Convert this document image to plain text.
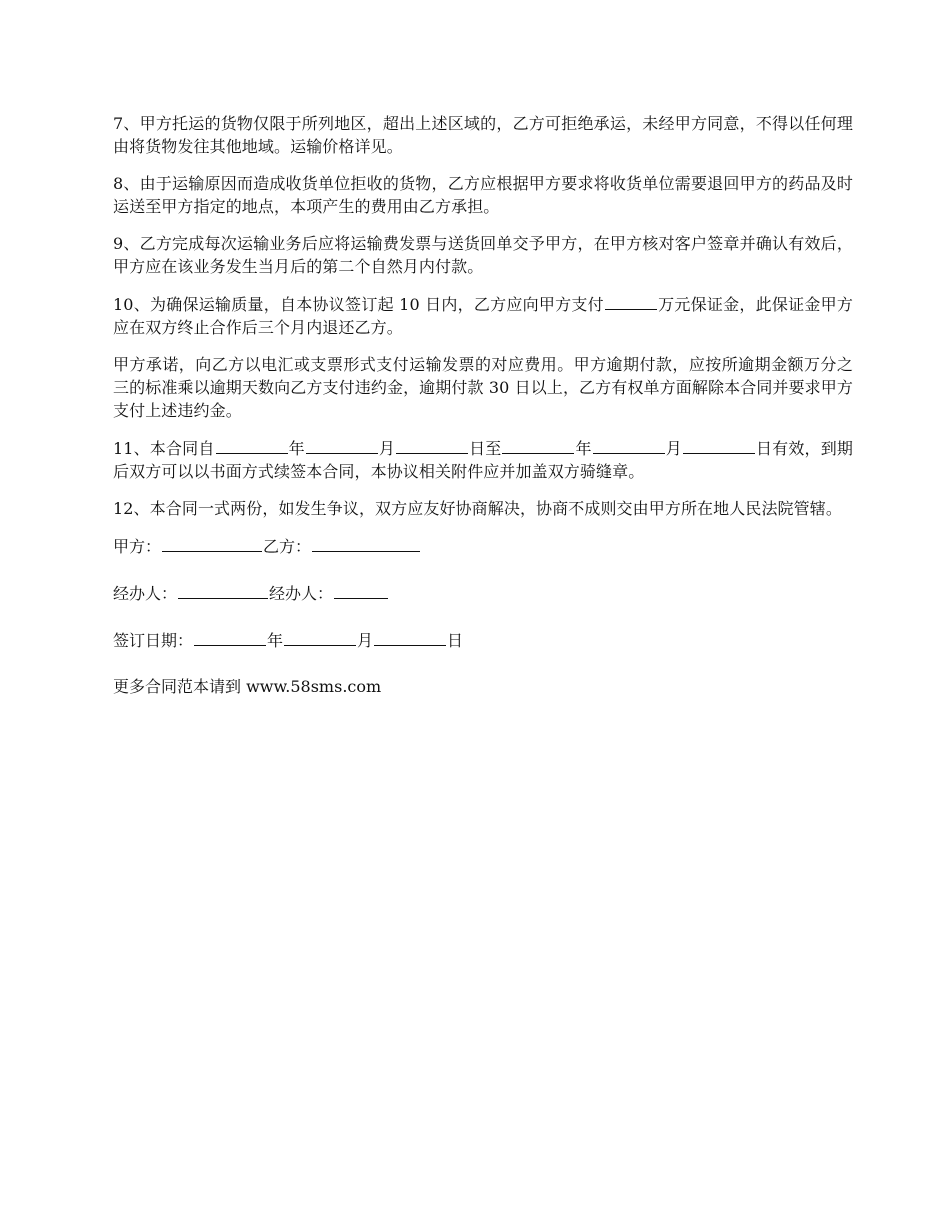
7、甲方托运的货物仅限于所列地区，超出上述区域的，乙方可拒绝承运，未经甲方同意，不得以任何理由将货物发往其他地域。运输价格详见。

8、由于运输原因而造成收货单位拒收的货物，乙方应根据甲方要求将收货单位需要退回甲方的药品及时运送至甲方指定的地点，本项产生的费用由乙方承担。

9、乙方完成每次运输业务后应将运输费发票与送货回单交予甲方，在甲方核对客户签章并确认有效后，甲方应在该业务发生当月后的第二个自然月内付款。

10、为确保运输质量，自本协议签订起 10 日内，乙方应向甲方支付	万元保证金，此保证金甲方应在双方终止合作后三个月内退还乙方。

甲方承诺，向乙方以电汇或支票形式支付运输发票的对应费用。甲方逾期付款，应按所逾期金额万分之三的标准乘以逾期天数向乙方支付违约金，逾期付款 30 日以上，乙方有权单方面解除本合同并要求甲方支付上述违约金。

11、本合同自	年	月	日至	年	月	日有效，到期后双方可以以书面方式续签本合同，本协议相关附件应并加盖双方骑缝章。

12、本合同一式两份，如发生争议，双方应友好协商解决，协商不成则交由甲方所在地人民法院管辖。

甲方：	乙方：
经办人：	经办人：
签订日期：	年	月	日
更多合同范本请到 www.58sms.com
